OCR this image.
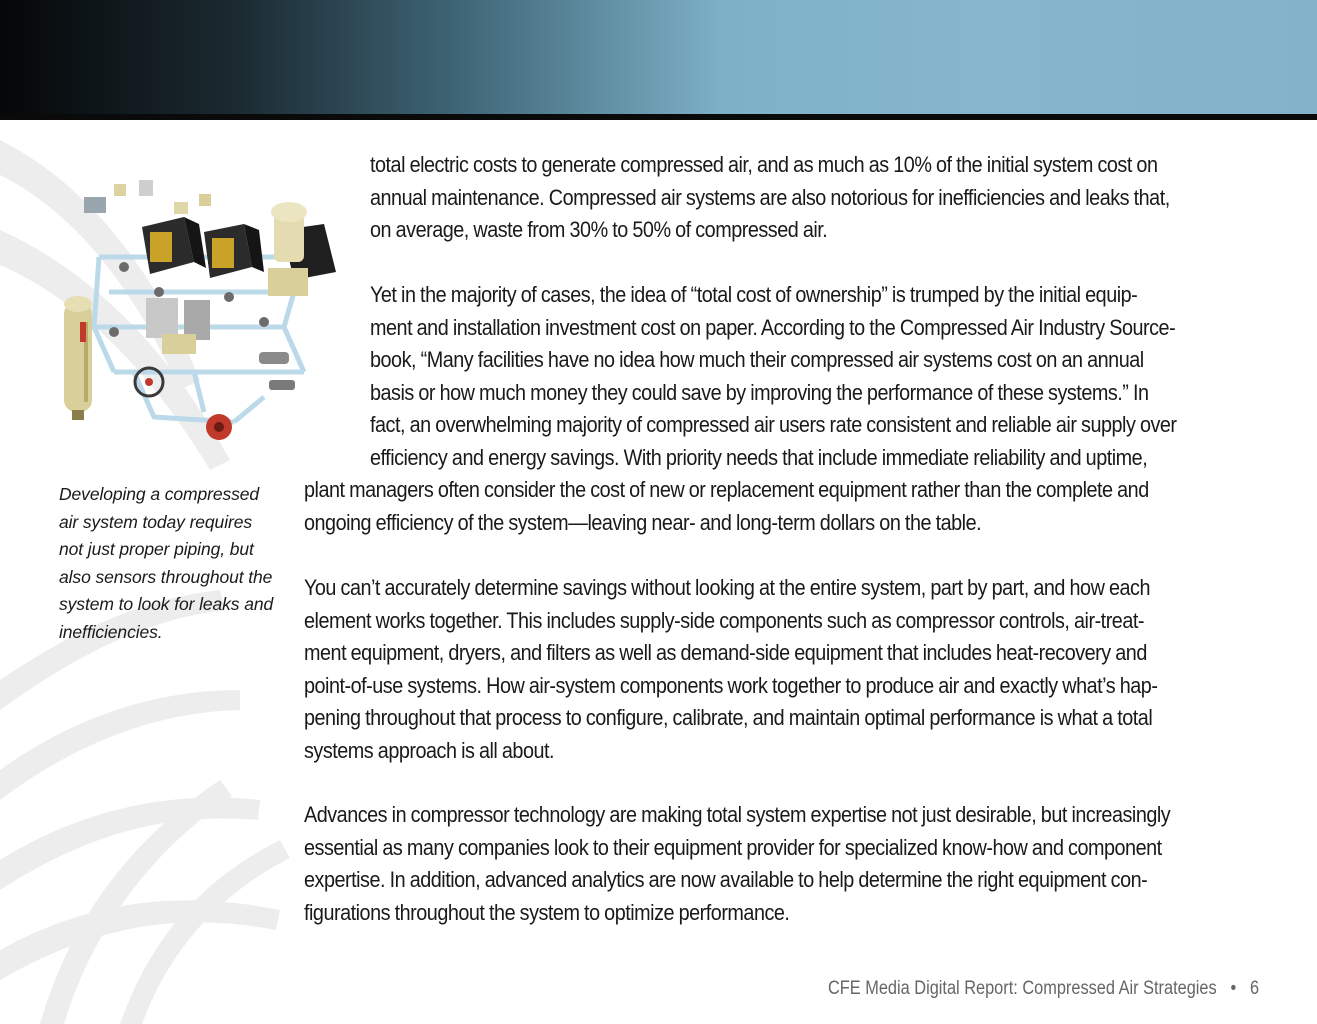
Developing a compressed
air system today requires
not just proper piping, but
also sensors throughout the
system to look for leaks and
inefficiencies.
total electric costs to generate compressed air, and as much as 10% of the initial system cost on
annual maintenance. Compressed air systems are also notorious for inefficiencies and leaks that,
on average, waste from 30% to 50% of compressed air.
Yet in the majority of cases, the idea of “total cost of ownership” is trumped by the initial equip-
ment and installation investment cost on paper. According to the Compressed Air Industry Source-
book, “Many facilities have no idea how much their compressed air systems cost on an annual
basis or how much money they could save by improving the performance of these systems.” In
fact, an overwhelming majority of compressed air users rate consistent and reliable air supply over
efficiency and energy savings. With priority needs that include immediate reliability and uptime,
plant managers often consider the cost of new or replacement equipment rather than the complete and
ongoing efficiency of the system—leaving near- and long-term dollars on the table.
You can’t accurately determine savings without looking at the entire system, part by part, and how each
element works together. This includes supply-side components such as compressor controls, air-treat-
ment equipment, dryers, and filters as well as demand-side equipment that includes heat-recovery and
point-of-use systems. How air-system components work together to produce air and exactly what’s hap-
pening throughout that process to configure, calibrate, and maintain optimal performance is what a total
systems approach is all about.
Advances in compressor technology are making total system expertise not just desirable, but increasingly
essential as many companies look to their equipment provider for specialized know-how and component
expertise. In addition, advanced analytics are now available to help determine the right equipment con-
figurations throughout the system to optimize performance.
CFE Media Digital Report: Compressed Air Strategies • 6
